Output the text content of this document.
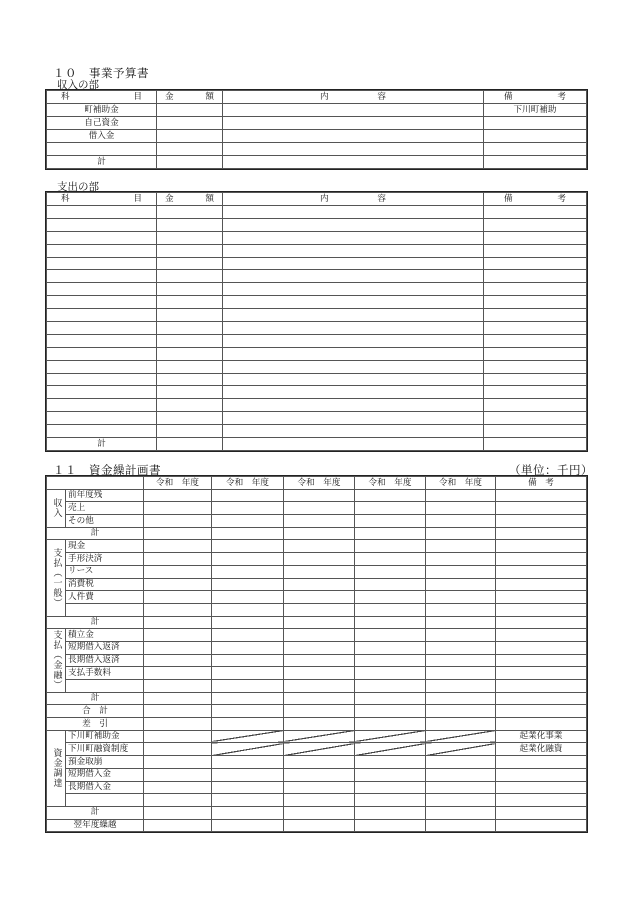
１０　事業予算書
収入の部
科 目	金 額	内 容	備 考

町補助金			下川町補助
自己資金			
借入金			

計			
支出の部
科 目	金 額	内 容	備 考

計			
１１　資金繰計画書	（単位：千円）
		令和　年度	令和　年度	令和　年度	令和　年度	令和　年度	備　考
収入	前年度残						
	売上						
	その他						
計							
支払（一般）	現金						
	手形決済						
	リース						
	消費税						
	人件費						

計							
支払（金融）	積立金						
	短期借入返済						
	長期借入返済						
	支払手数料						

計							
合　計							
差　引							
資金調達	下川町補助金						起業化事業
	下川町融資制度						起業化融資
	預金取崩						
	短期借入金						
	長期借入金						

計							
翌年度繰越							
